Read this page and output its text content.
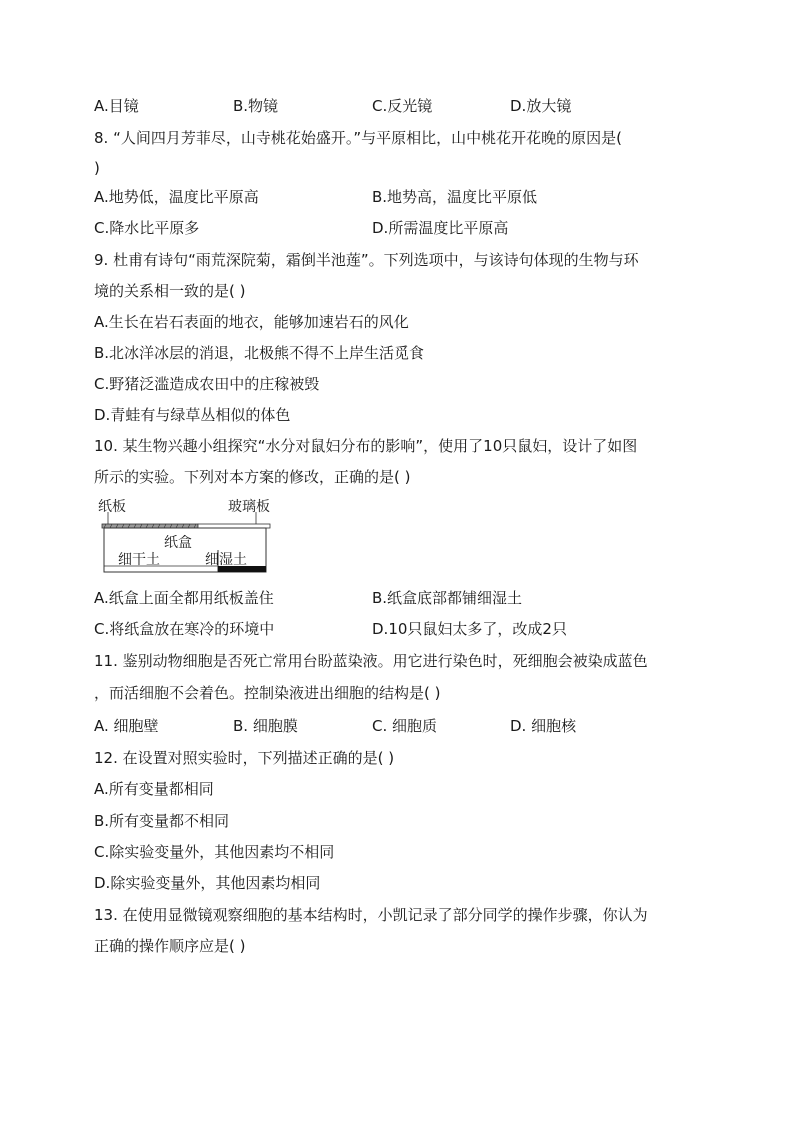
A.目镜	B.物镜	C.反光镜	D.放大镜
8. “人间四月芳菲尽，山寺桃花始盛开。”与平原相比，山中桃花开花晚的原因是(
)
A.地势低，温度比平原高	B.地势高，温度比平原低
C.降水比平原多	D.所需温度比平原高
9. 杜甫有诗句“雨荒深院菊，霜倒半池莲”。下列选项中，与该诗句体现的生物与环
境的关系相一致的是( )
A.生长在岩石表面的地衣，能够加速岩石的风化
B.北冰洋冰层的消退，北极熊不得不上岸生活觅食
C.野猪泛滥造成农田中的庄稼被毁
D.青蛙有与绿草丛相似的体色
10. 某生物兴趣小组探究“水分对鼠妇分布的影响”，使用了10只鼠妇，设计了如图
所示的实验。下列对本方案的修改，正确的是( )
纸板	玻璃板
纸盒
细干土	细湿土
A.纸盒上面全都用纸板盖住	B.纸盒底部都铺细湿土
C.将纸盒放在寒冷的环境中	D.10只鼠妇太多了，改成2只
11. 鉴别动物细胞是否死亡常用台盼蓝染液。用它进行染色时，死细胞会被染成蓝色
，而活细胞不会着色。控制染液进出细胞的结构是( )
A. 细胞壁	B. 细胞膜	C. 细胞质	D. 细胞核
12. 在设置对照实验时，下列描述正确的是( )
A.所有变量都相同
B.所有变量都不相同
C.除实验变量外，其他因素均不相同
D.除实验变量外，其他因素均相同
13. 在使用显微镜观察细胞的基本结构时，小凯记录了部分同学的操作步骤，你认为
正确的操作顺序应是( )
